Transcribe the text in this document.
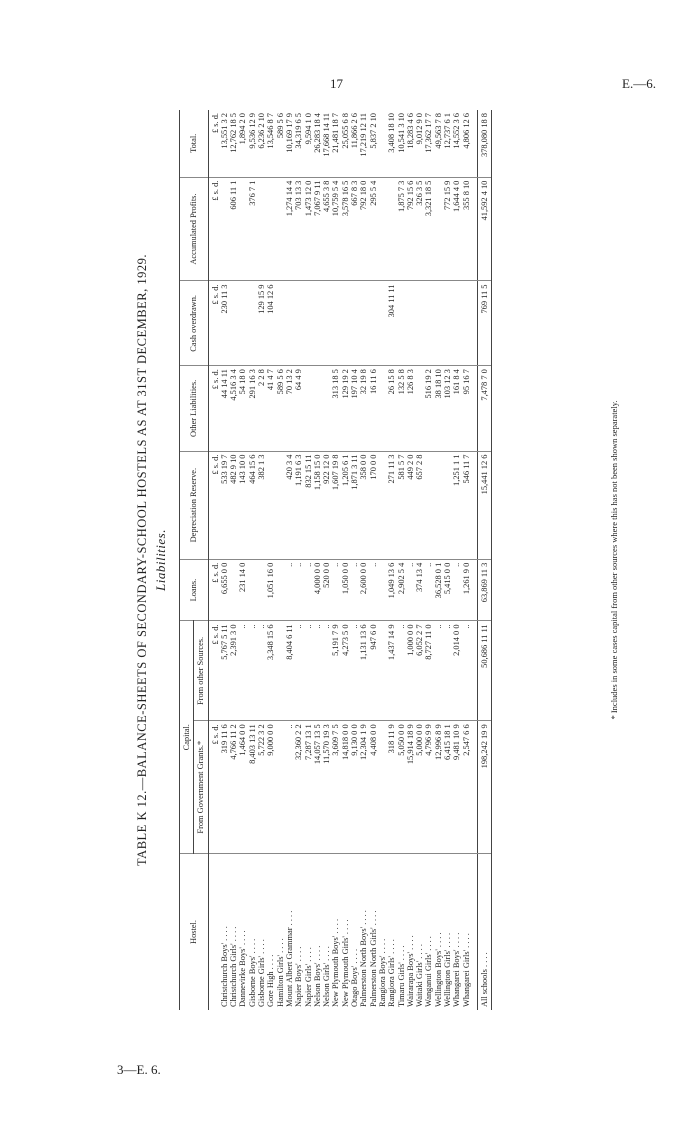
17	E.—6.
3—E. 6.
TABLE K 12.—BALANCE-SHEETS OF SECONDARY-SCHOOL HOSTELS AS AT 31ST DECEMBER, 1929. Liabilities.
Hostel.	Capital.		Loans.	Depreciation Reserve.	Other Liabilities.	Cash overdrawn.	Accumulated Profits.	Total.
	From Government Grants.*	From other Sources.						
	£ s. d.	£ s. d.	£ s. d.	£ s. d.	£ s. d.	£ s. d.	£ s. d.	£ s. d.
Christchurch Boys' . . . .	319 11 6	5,767 5 11	6,655 0 0	533 19 7	44 14 11	230 11 3		13,551 3 2
Christchurch Girls' . . . .	4,766 11 2	2,391 3 0		482 9 10	4,516 3 4		606 11 1	12,762 18 5
Dannevirke Boys' . . . .	1,464 0 0	..	231 14 0	143 10 0	54 18 0			1,894 2 0
Gisborne Boys' . . . .	8,403 13 11	..		464 15 6	291 16 3		376 7 1	9,536 12 9
Gisborne Girls' . . . .	5,722 3 2	..		382 1 3	2 2 8	129 15 9		6,236 2 10
Gore High . . . .	9,000 0 0	3,348 15 6	1,051 16 0		41 4 7	104 12 6		13,546 8 7
Hamilton Girls' . . . .					589 5 6			589 5 6
Mount Albert Grammar . . . .	..	8,404 6 11	..	420 3 4	70 13 2		1,274 14 4	10,169 17 9
Napier Boys' . . . .	32,360 2 2	..	..	1,191 6 3	64 4 9		703 13 3	34,319 6 5
Napier Girls' . . . .	7,287 13 1	..	..	832 15 11			1,473 12 0	9,594 1 0
Nelson Boys' . . . .	14,057 13 5	..	4,000 0 0	1,158 15 0			7,067 9 11	26,283 18 4
Nelson Girls' . . . .	11,570 19 3	..	520 0 0	922 12 0			4,655 3 8	17,668 14 11
New Plymouth Boys' . . . .	3,609 7 5	5,191 7 9	..	1,607 19 8	313 18 5		10,759 5 4	21,481 18 7
New Plymouth Girls' . . . .	14,818 0 0	4,273 5 0	1,050 0 0	1,205 6 1	129 19 2		3,578 16 5	25,055 6 8
Otago Boys' . . . .	9,130 0 0	..	..	1,871 3 11	197 10 4		667 8 3	11,866 2 6
Palmerston North Boys' . . . .	12,304 1 9	1,131 13 6	2,600 0 0	358 0 0	32 19 8		792 18 0	17,219 12 11
Palmerston North Girls' . . . .	4,408 0 0	947 6 0	..	170 0 0	16 11 6		295 5 4	5,837 2 10
Rangiora Boys' . . . .								
Rangiora Girls' . . . .	318 11 9	1,437 14 9	1,049 13 6	271 11 3	26 15 8	304 11 11		3,408 18 10
Timaru Girls' . . . .	5,050 0 0	..	2,902 5 4	581 5 7	132 5 8		1,875 7 3	10,541 3 10
Wairarapa Boys' . . . .	15,914 18 9	1,000 0 0	..	449 2 0	126 8 3		792 15 6	18,283 4 6
Waitaki Girls' . . . .	5,000 0 0	6,052 2 7	374 13 4	657 2 8			326 3 5	9,012 9 0
Wanganui Girls' . . . .	4,796 9 9	8,727 11 0	..		516 19 2		3,321 18 5	17,362 17 7
Wellington Boys' . . . .	12,996 8 9	..	36,528 0 1		38 18 10			49,563 7 8
Wellington Girls' . . . .	6,415 18 1	..	5,415 0 0		103 12 3		772 15 9	12,737 6 1
Whangarei Boys' . . . .	9,481 10 9	2,014 0 0	..	1,251 1 1	161 8 4		1,644 4 0	14,552 3 6
Whangarei Girls' . . . .	2,547 6 6	..	1,261 9 0	546 11 7	95 16 7		355 8 10	4,806 12 6

All schools . . . .	198,242 19 9	50,686 11 11	63,869 11 3	15,441 12 6	7,478 7 0	769 11 5	41,592 4 10	378,080 18 8
* Includes in some cases capital from other sources where this has not been shown separately.
